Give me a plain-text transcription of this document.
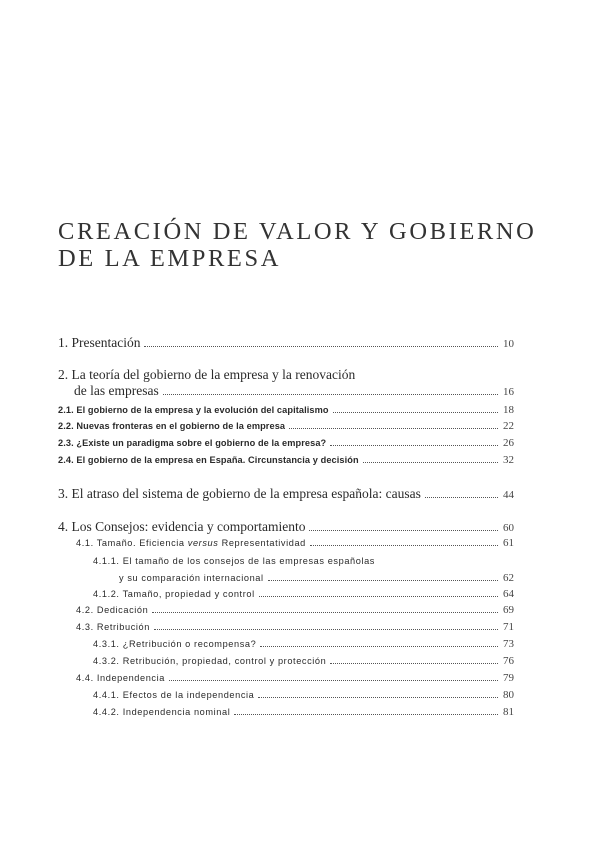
CREACIÓN DE VALOR Y GOBIERNO
DE LA EMPRESA
1. Presentación	10
2. La teoría del gobierno de la empresa y la renovación
de las empresas	16
2.1. El gobierno de la empresa y la evolución del capitalismo	18
2.2. Nuevas fronteras en el gobierno de la empresa	22
2.3. ¿Existe un paradigma sobre el gobierno de la empresa?	26
2.4. El gobierno de la empresa en España. Circunstancia y decisión	32
3. El atraso del sistema de gobierno de la empresa española: causas	44
4. Los Consejos: evidencia y comportamiento	60
4.1. Tamaño. Eficiencia versus Representatividad	61
4.1.1. El tamaño de los consejos de las empresas españolas
y su comparación internacional	62
4.1.2. Tamaño, propiedad y control	64
4.2. Dedicación	69
4.3. Retribución	71
4.3.1. ¿Retribución o recompensa?	73
4.3.2. Retribución, propiedad, control y protección	76
4.4. Independencia	79
4.4.1. Efectos de la independencia	80
4.4.2. Independencia nominal	81
